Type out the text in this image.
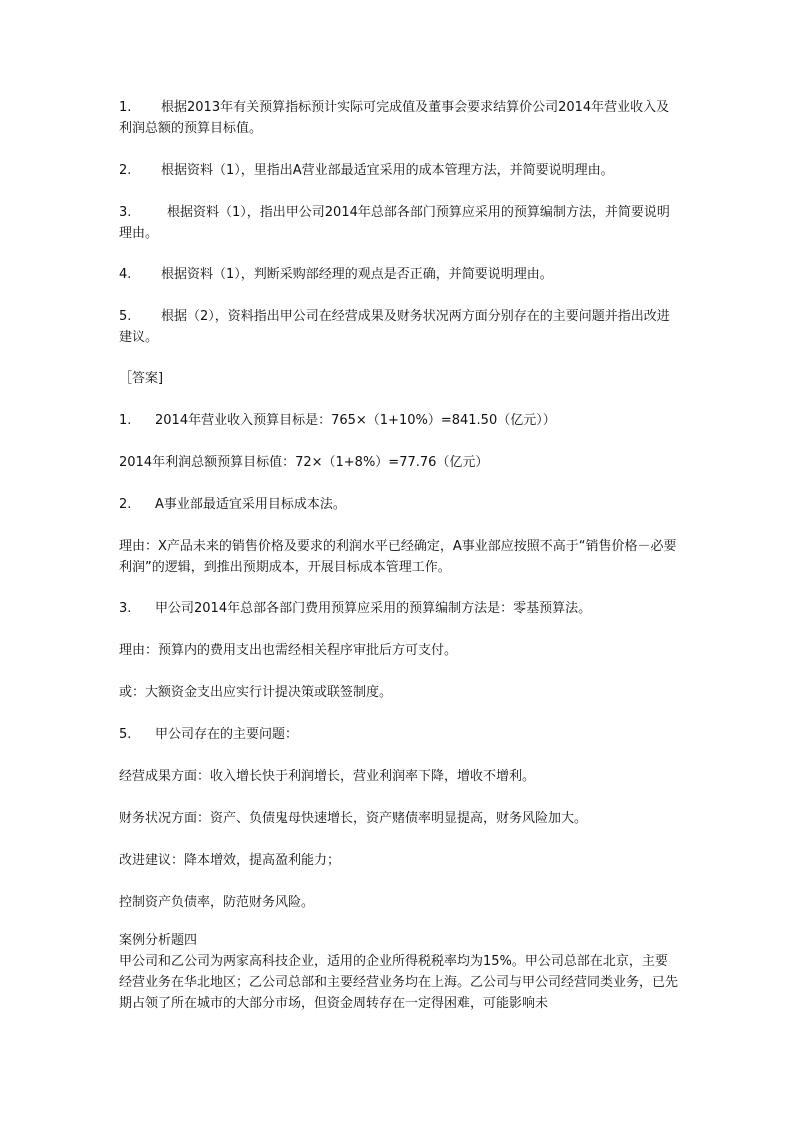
1. 根据2013年有关预算指标预计实际可完成值及董事会要求结算价公司2014年营业收入及利润总额的预算目标值。

2. 根据资料（1），里指出A营业部最适宜采用的成本管理方法，并简要说明理由。

3.	根据资料（1），指出甲公司2014年总部各部门预算应采用的预算编制方法，并简要说明理由。

4. 根据资料（1），判断采购部经理的观点是否正确，并简要说明理由。

5. 根据（2），资料指出甲公司在经营成果及财务状况两方面分别存在的主要问题并指出改进建议。

［答案]

1. 2014年营业收入预算目标是：765×（1+10%）=841.50（亿元））

2014年利润总额预算目标值：72×（1+8%）=77.76（亿元）

2. A事业部最适宜采用目标成本法。

理由：X产品未来的销售价格及要求的利润水平已经确定，A事业部应按照不高于“销售价格－必要利润”的逻辑，到推出预期成本，开展目标成本管理工作。

3. 甲公司2014年总部各部门费用预算应采用的预算编制方法是：零基预算法。

理由：预算内的费用支出也需经相关程序审批后方可支付。

或：大额资金支出应实行计提决策或联签制度。

5. 甲公司存在的主要问题：

经营成果方面：收入增长快于利润增长，营业利润率下降，增收不增利。

财务状况方面：资产、负债鬼母快速增长，资产赌债率明显提高，财务风险加大。

改进建议：降本增效，提高盈利能力；

控制资产负债率，防范财务风险。

案例分析题四

甲公司和乙公司为两家高科技企业，适用的企业所得税税率均为15%。甲公司总部在北京，主要经营业务在华北地区；乙公司总部和主要经营业务均在上海。乙公司与甲公司经营同类业务，已先期占领了所在城市的大部分市场，但资金周转存在一定得困难，可能影响未
